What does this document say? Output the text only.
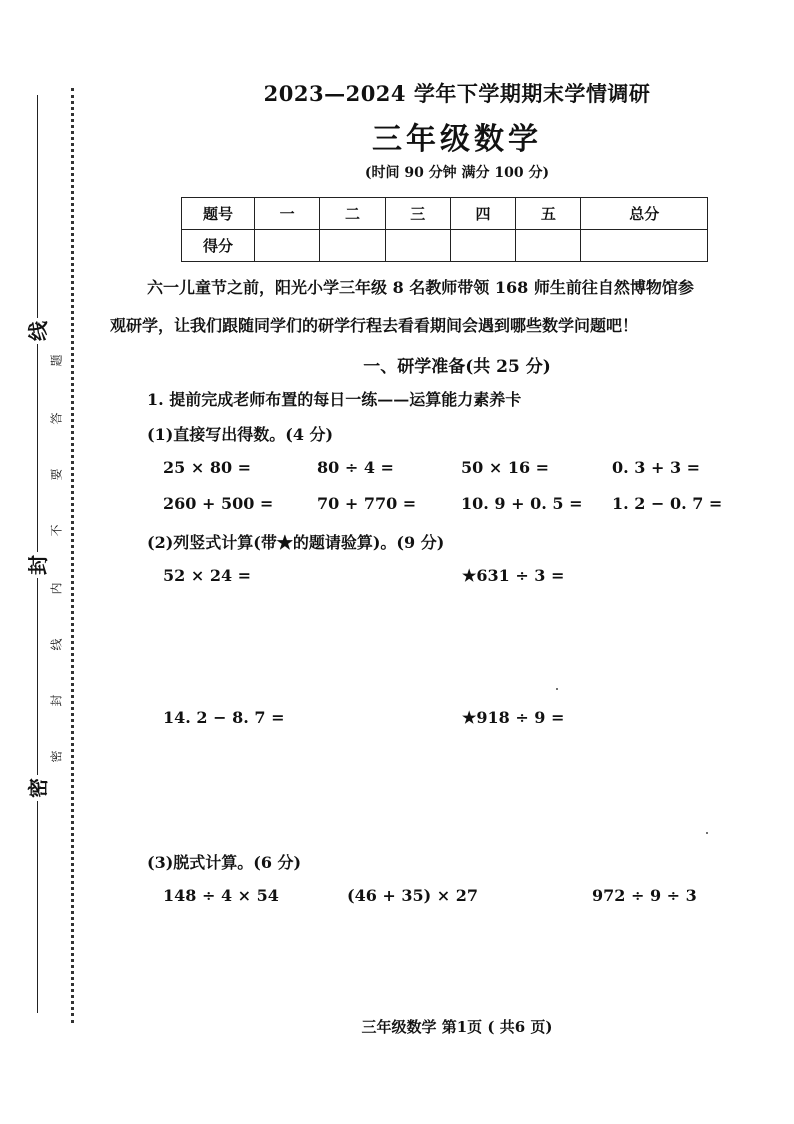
线
封
密
题
答
要
不
内
线
封
密
2023—2024 学年下学期期末学情调研
三年级数学
(时间 90 分钟 满分 100 分)
题号	一	二	三	四	五	总分
得分						
六一儿童节之前，阳光小学三年级 8 名教师带领 168 师生前往自然博物馆参
观研学，让我们跟随同学们的研学行程去看看期间会遇到哪些数学问题吧！
一、研学准备(共 25 分)
1. 提前完成老师布置的每日一练——运算能力素养卡
(1)直接写出得数。(4 分)
25 × 80 =	80 ÷ 4 =	50 × 16 =	0. 3 + 3 =
260 + 500 =	70 + 770 =	10. 9 + 0. 5 = 1. 2 − 0. 7 =
(2)列竖式计算(带★的题请验算)。(9 分)
52 × 24 =	★631 ÷ 3 =
14. 2 − 8. 7 =	★918 ÷ 9 =
(3)脱式计算。(6 分)
148 ÷ 4 × 54	(46 + 35) × 27	972 ÷ 9 ÷ 3
三年级数学 第1页 ( 共6 页)
